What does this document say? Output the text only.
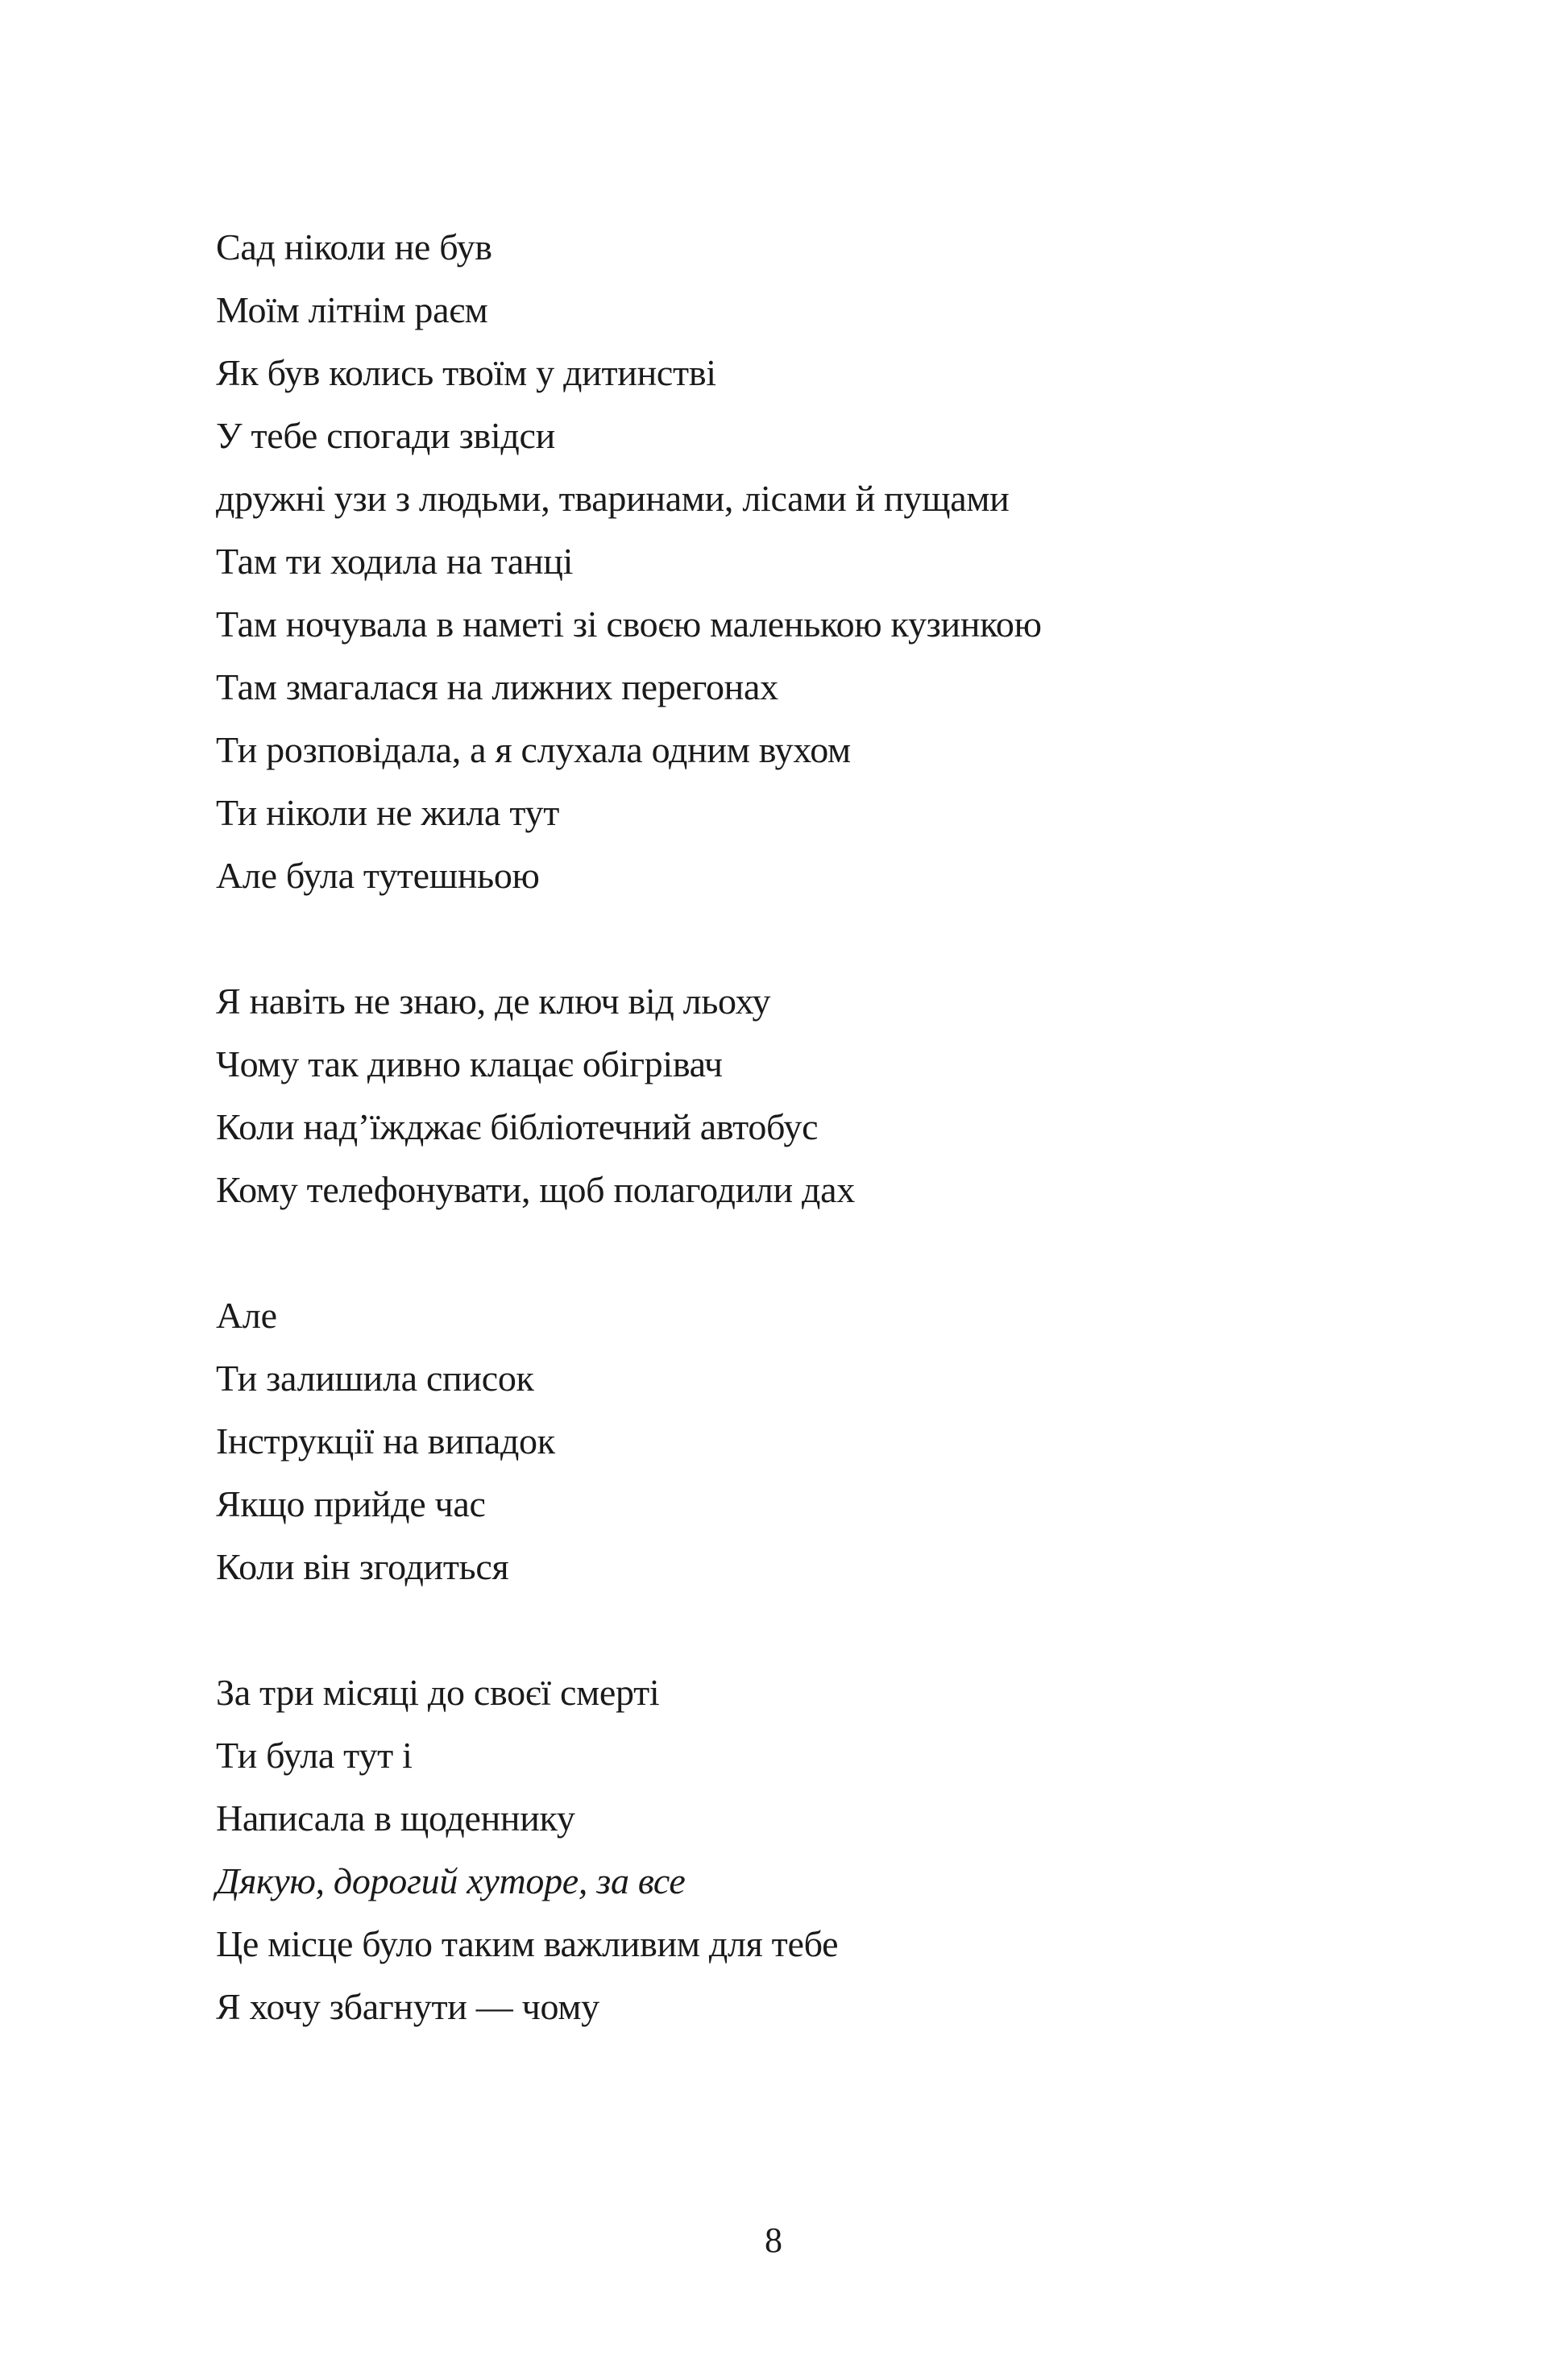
Сад ніколи не був
Моїм літнім раєм
Як був колись твоїм у дитинстві
У тебе спогади звідси
дружні узи з людьми, тваринами, лісами й пущами
Там ти ходила на танці
Там ночувала в наметі зі своєю маленькою кузинкою
Там змагалася на лижних перегонах
Ти розповідала, а я слухала одним вухом
Ти ніколи не жила тут
Але була тутешньою
Я навіть не знаю, де ключ від льоху
Чому так дивно клацає обігрівач
Коли над’їжджає бібліотечний автобус
Кому телефонувати, щоб полагодили дах
Але
Ти залишила список
Інструкції на випадок
Якщо прийде час
Коли він згодиться
За три місяці до своєї смерті
Ти була тут і
Написала в щоденнику
Дякую, дорогий хуторе, за все
Це місце було таким важливим для тебе
Я хочу збагнути — чому
8
